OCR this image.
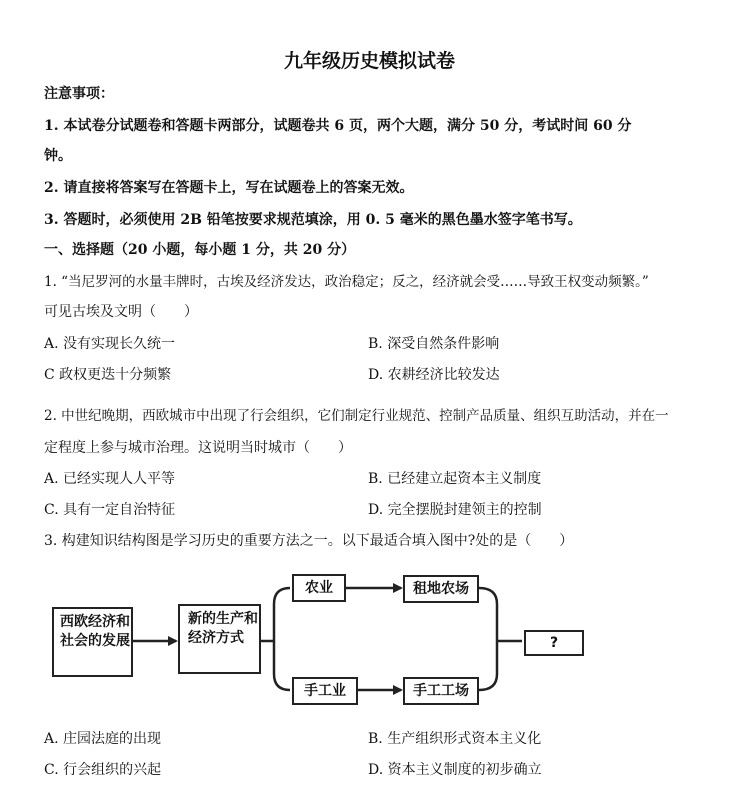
九年级历史模拟试卷
注意事项：
1. 本试卷分试题卷和答题卡两部分，试题卷共 6 页，两个大题，满分 50 分，考试时间 60 分
钟。
2. 请直接将答案写在答题卡上，写在试题卷上的答案无效。
3. 答题时，必须使用 2B 铅笔按要求规范填涂，用 0. 5 毫米的黑色墨水签字笔书写。
一、选择题（20 小题，每小题 1 分，共 20 分）
1. “当尼罗河的水量丰牌时，古埃及经济发达，政治稳定；反之，经济就会受……导致王权变动频繁。”
可见古埃及文明（　　）
A. 没有实现长久统一	B. 深受自然条件影响
C 政权更迭十分频繁	D. 农耕经济比较发达
2. 中世纪晚期，西欧城市中出现了行会组织，它们制定行业规范、控制产品质量、组织互助活动，并在一
定程度上参与城市治理。这说明当时城市（　　）
A. 已经实现人人平等	B. 已经建立起资本主义制度
C. 具有一定自治特征	D. 完全摆脱封建领主的控制
3. 构建知识结构图是学习历史的重要方法之一。以下最适合填入图中?处的是（　　）
西欧经济和社会的发展
新的生产和经济方式
农业	租地农场
手工业	手工工场
?
A. 庄园法庭的出现	B. 生产组织形式资本主义化
C. 行会组织的兴起	D. 资本主义制度的初步确立
